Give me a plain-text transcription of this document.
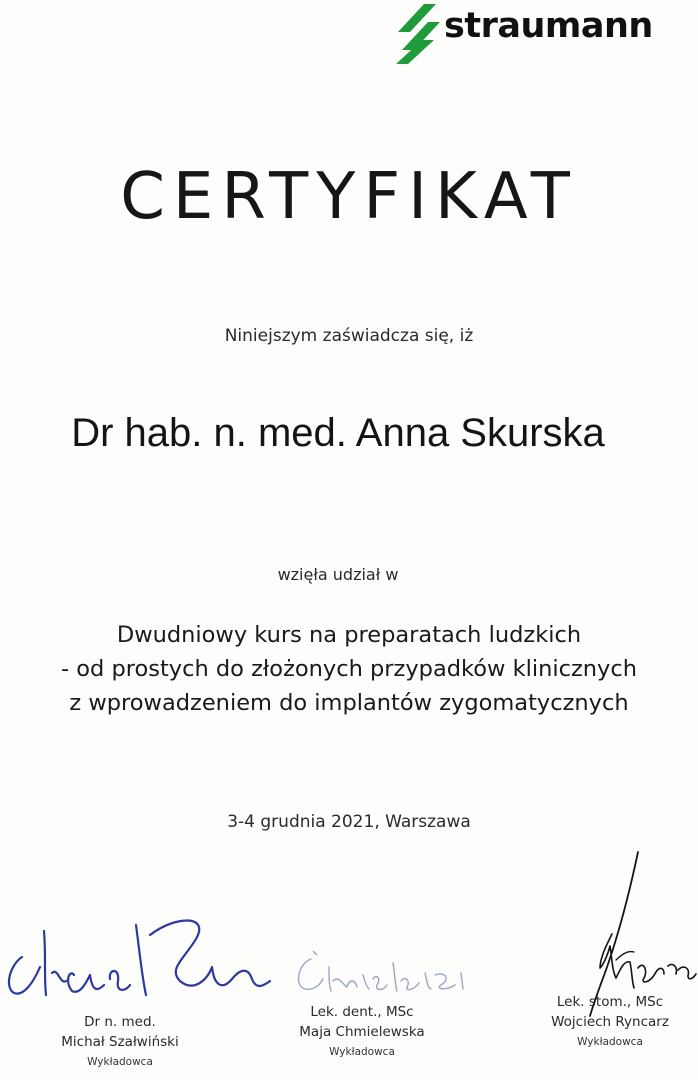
straumann
CERTYFIKAT
Niniejszym zaświadcza się, iż
Dr hab. n. med. Anna Skurska
wzięła udział w
Dwudniowy kurs na preparatach ludzkich
- od prostych do złożonych przypadków klinicznych
z wprowadzeniem do implantów zygomatycznych
3-4 grudnia 2021, Warszawa
Dr n. med.
Michał Szałwiński
Wykładowca
Lek. dent., MSc
Maja Chmielewska
Wykładowca
Lek. stom., MSc
Wojciech Ryncarz
Wykładowca
